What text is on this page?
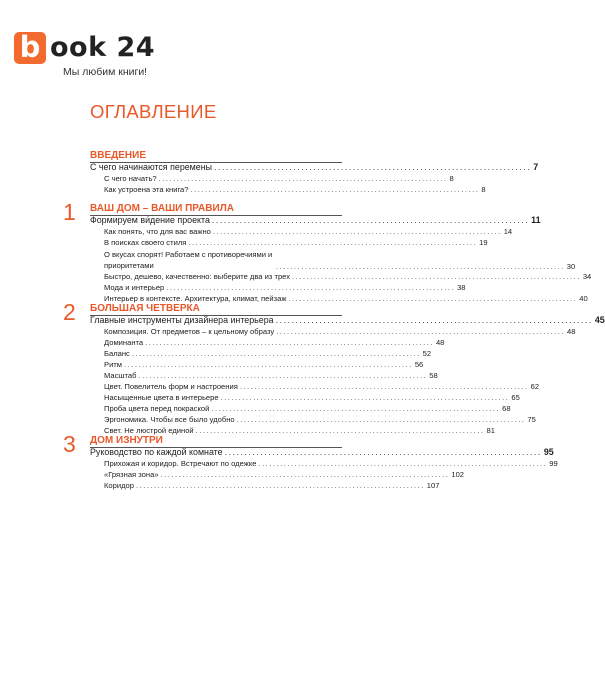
b ook 24
Мы любим книги!
ОГЛАВЛЕНИЕ
ВВЕДЕНИЕ
С чего начинаются перемены ................................................................................ 7
С чего начать? ................................................................................ 8
Как устроена эта книга? ................................................................................ 8
1 ВАШ ДОМ – ВАШИ ПРАВИЛА
Формируем ви́дение проекта ................................................................................ 11
Как понять, что для вас важно ................................................................................ 14
В поисках своего стиля ................................................................................ 19
О вкусах спорят! Работаем с противоречиями и приоритетами	................................................................................ 30
Быстро, дешево, качественно: выберите два из трех ................................................................................ 34
Мода и интерьер ................................................................................ 38
Интерьер в контексте. Архитектура, климат, пейзаж ................................................................................ 40
2 БОЛЬШАЯ ЧЕТВЕРКА
Главные инструменты дизайнера интерьера ................................................................................ 45
Композиция. От предметов – к цельному образу ................................................................................ 48
Доминанта ................................................................................ 48
Баланс ................................................................................ 52
Ритм ................................................................................ 56
Масштаб ................................................................................ 58
Цвет. Повелитель форм и настроения ................................................................................ 62
Насыщенные цвета в интерьере ................................................................................ 65
Проба цвета перед покраской ................................................................................ 68
Эргономика. Чтобы все было удобно ................................................................................ 75
Свет. Не люстрой единой ................................................................................ 81
3 ДОМ ИЗНУТРИ
Руководство по каждой комнате ................................................................................ 95
Прихожая и коридор. Встречают по одежке ................................................................................ 99
«Грязная зона» ................................................................................ 102
Коридор ................................................................................ 107
